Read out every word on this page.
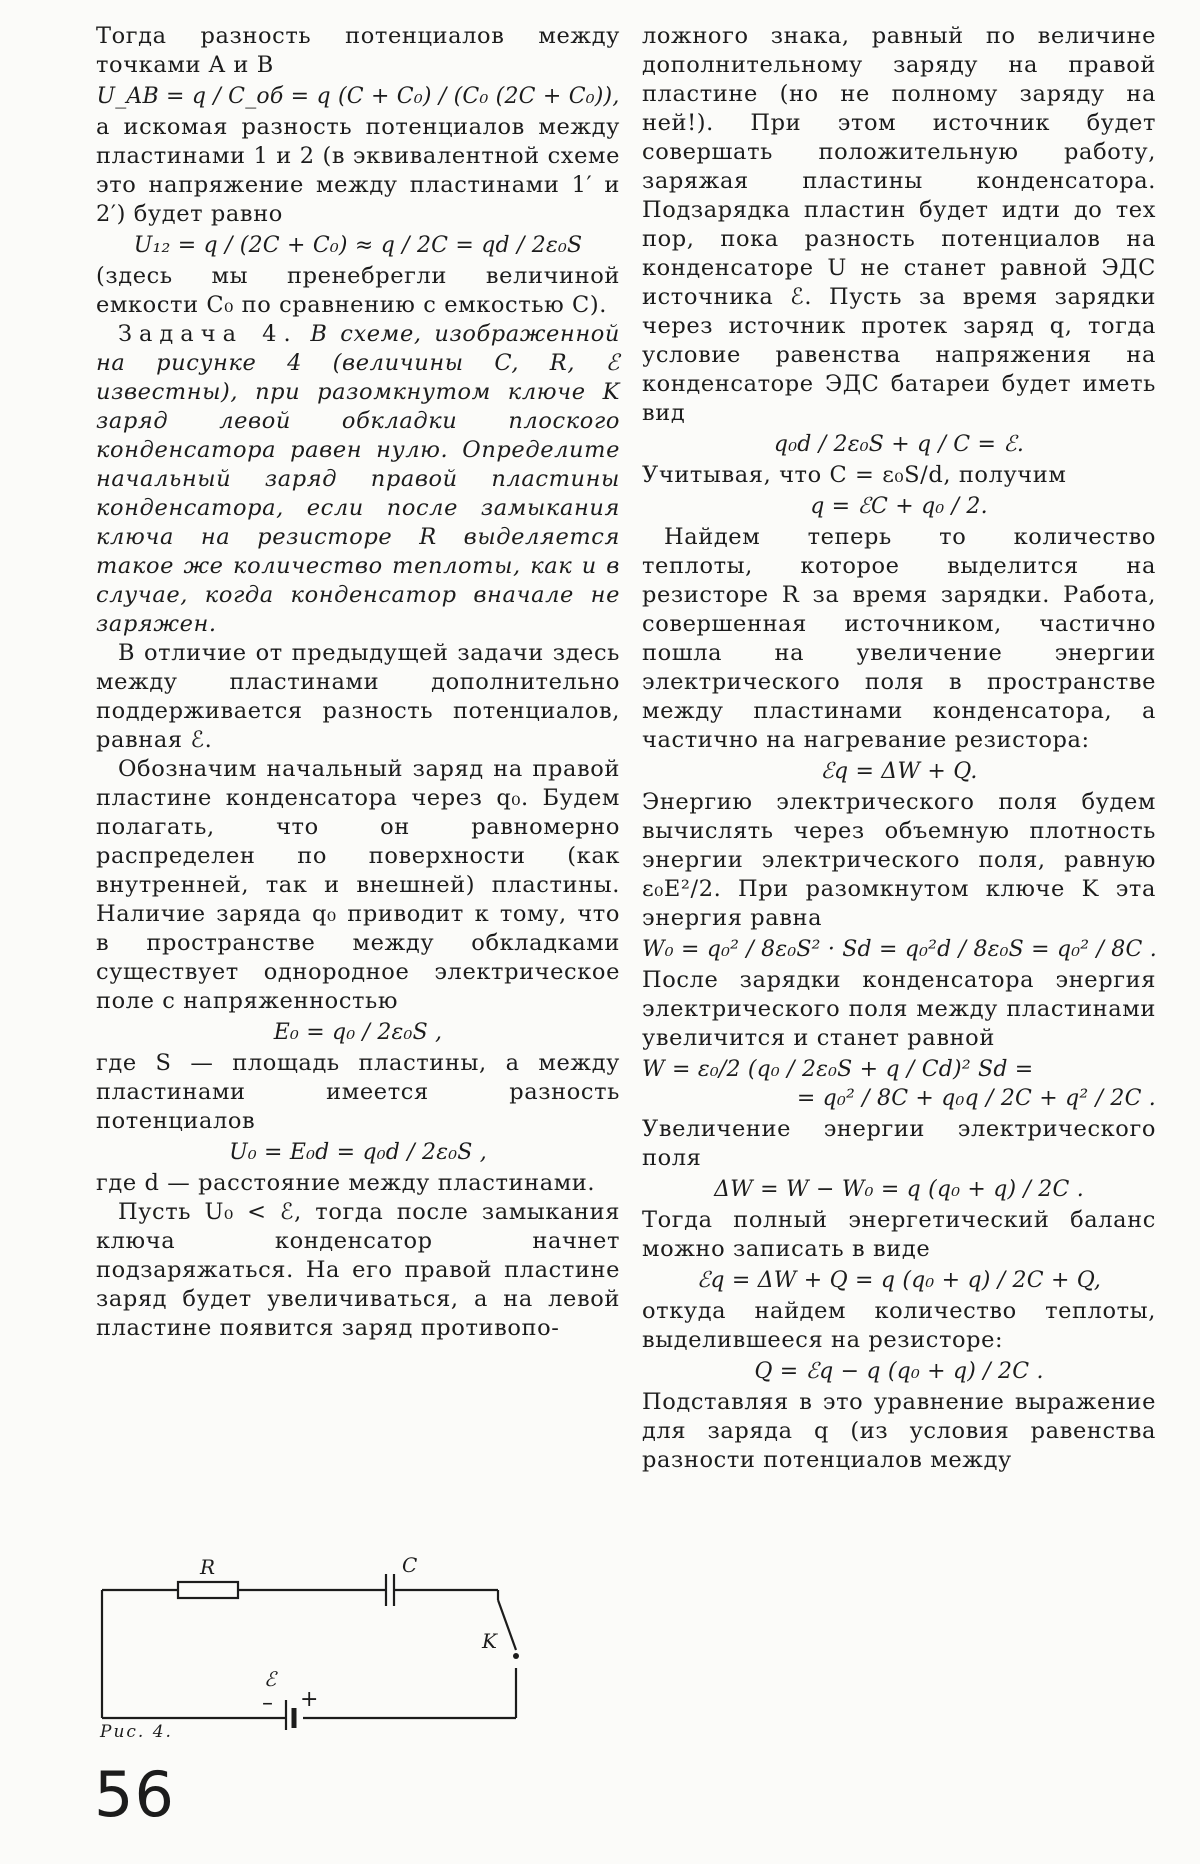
Тогда разность потенциалов между точками A и B

U_AB = q / C_об = q (C + C₀) / (C₀ (2C + C₀)),

а искомая разность потенциалов между пластинами 1 и 2 (в эквивалентной схеме это напряжение между пластинами 1′ и 2′) будет равно

U₁₂ = q / (2C + C₀) ≈ q / 2C = qd / 2ε₀S

(здесь мы пренебрегли величиной емкости C₀ по сравнению с емкостью C).

Задача 4. В схеме, изображенной на рисунке 4 (величины C, R, ℰ известны), при разомкнутом ключе K заряд левой обкладки плоского конденсатора равен нулю. Определите начальный заряд правой пластины конденсатора, если после замыкания ключа на резисторе R выделяется такое же количество теплоты, как и в случае, когда конденсатор вначале не заряжен.

В отличие от предыдущей задачи здесь между пластинами дополнительно поддерживается разность потенциалов, равная ℰ.

Обозначим начальный заряд на правой пластине конденсатора через q₀. Будем полагать, что он равномерно распределен по поверхности (как внутренней, так и внешней) пластины. Наличие заряда q₀ приводит к тому, что в пространстве между обкладками существует однородное электрическое поле с напряженностью

E₀ = q₀ / 2ε₀S ,

где S — площадь пластины, а между пластинами имеется разность потенциалов

U₀ = E₀d = q₀d / 2ε₀S ,

где d — расстояние между пластинами.

Пусть U₀ < ℰ, тогда после замыкания ключа конденсатор начнет подзаряжаться. На его правой пластине заряд будет увеличиваться, а на левой пластине появится заряд противопо-

ложного знака, равный по величине дополнительному заряду на правой пластине (но не полному заряду на ней!). При этом источник будет совершать положительную работу, заряжая пластины конденсатора. Подзарядка пластин будет идти до тех пор, пока разность потенциалов на конденсаторе U не станет равной ЭДС источника ℰ. Пусть за время зарядки через источник протек заряд q, тогда условие равенства напряжения на конденсаторе ЭДС батареи будет иметь вид

q₀d / 2ε₀S + q / C = ℰ.

Учитывая, что C = ε₀S/d, получим

q = ℰC + q₀ / 2.

Найдем теперь то количество теплоты, которое выделится на резисторе R за время зарядки. Работа, совершенная источником, частично пошла на увеличение энергии электрического поля в пространстве между пластинами конденсатора, а частично на нагревание резистора:

ℰq = ΔW + Q.

Энергию электрического поля будем вычислять через объемную плотность энергии электрического поля, равную ε₀E²/2. При разомкнутом ключе K эта энергия равна

W₀ = q₀² / 8ε₀S² · Sd = q₀²d / 8ε₀S = q₀² / 8C .

После зарядки конденсатора энергия электрического поля между пластинами увеличится и станет равной

W = ε₀/2 (q₀ / 2ε₀S + q / Cd)² Sd =
= q₀² / 8C + q₀q / 2C + q² / 2C .

Увеличение энергии электрического поля

ΔW = W − W₀ = q (q₀ + q) / 2C .

Тогда полный энергетический баланс можно записать в виде

ℰq = ΔW + Q = q (q₀ + q) / 2C + Q,

откуда найдем количество теплоты, выделившееся на резисторе:

Q = ℰq − q (q₀ + q) / 2C .

Подставляя в это уравнение выражение для заряда q (из условия равенства разности потенциалов между

R	C
K
ℰ
– +
Рис. 4.
56
